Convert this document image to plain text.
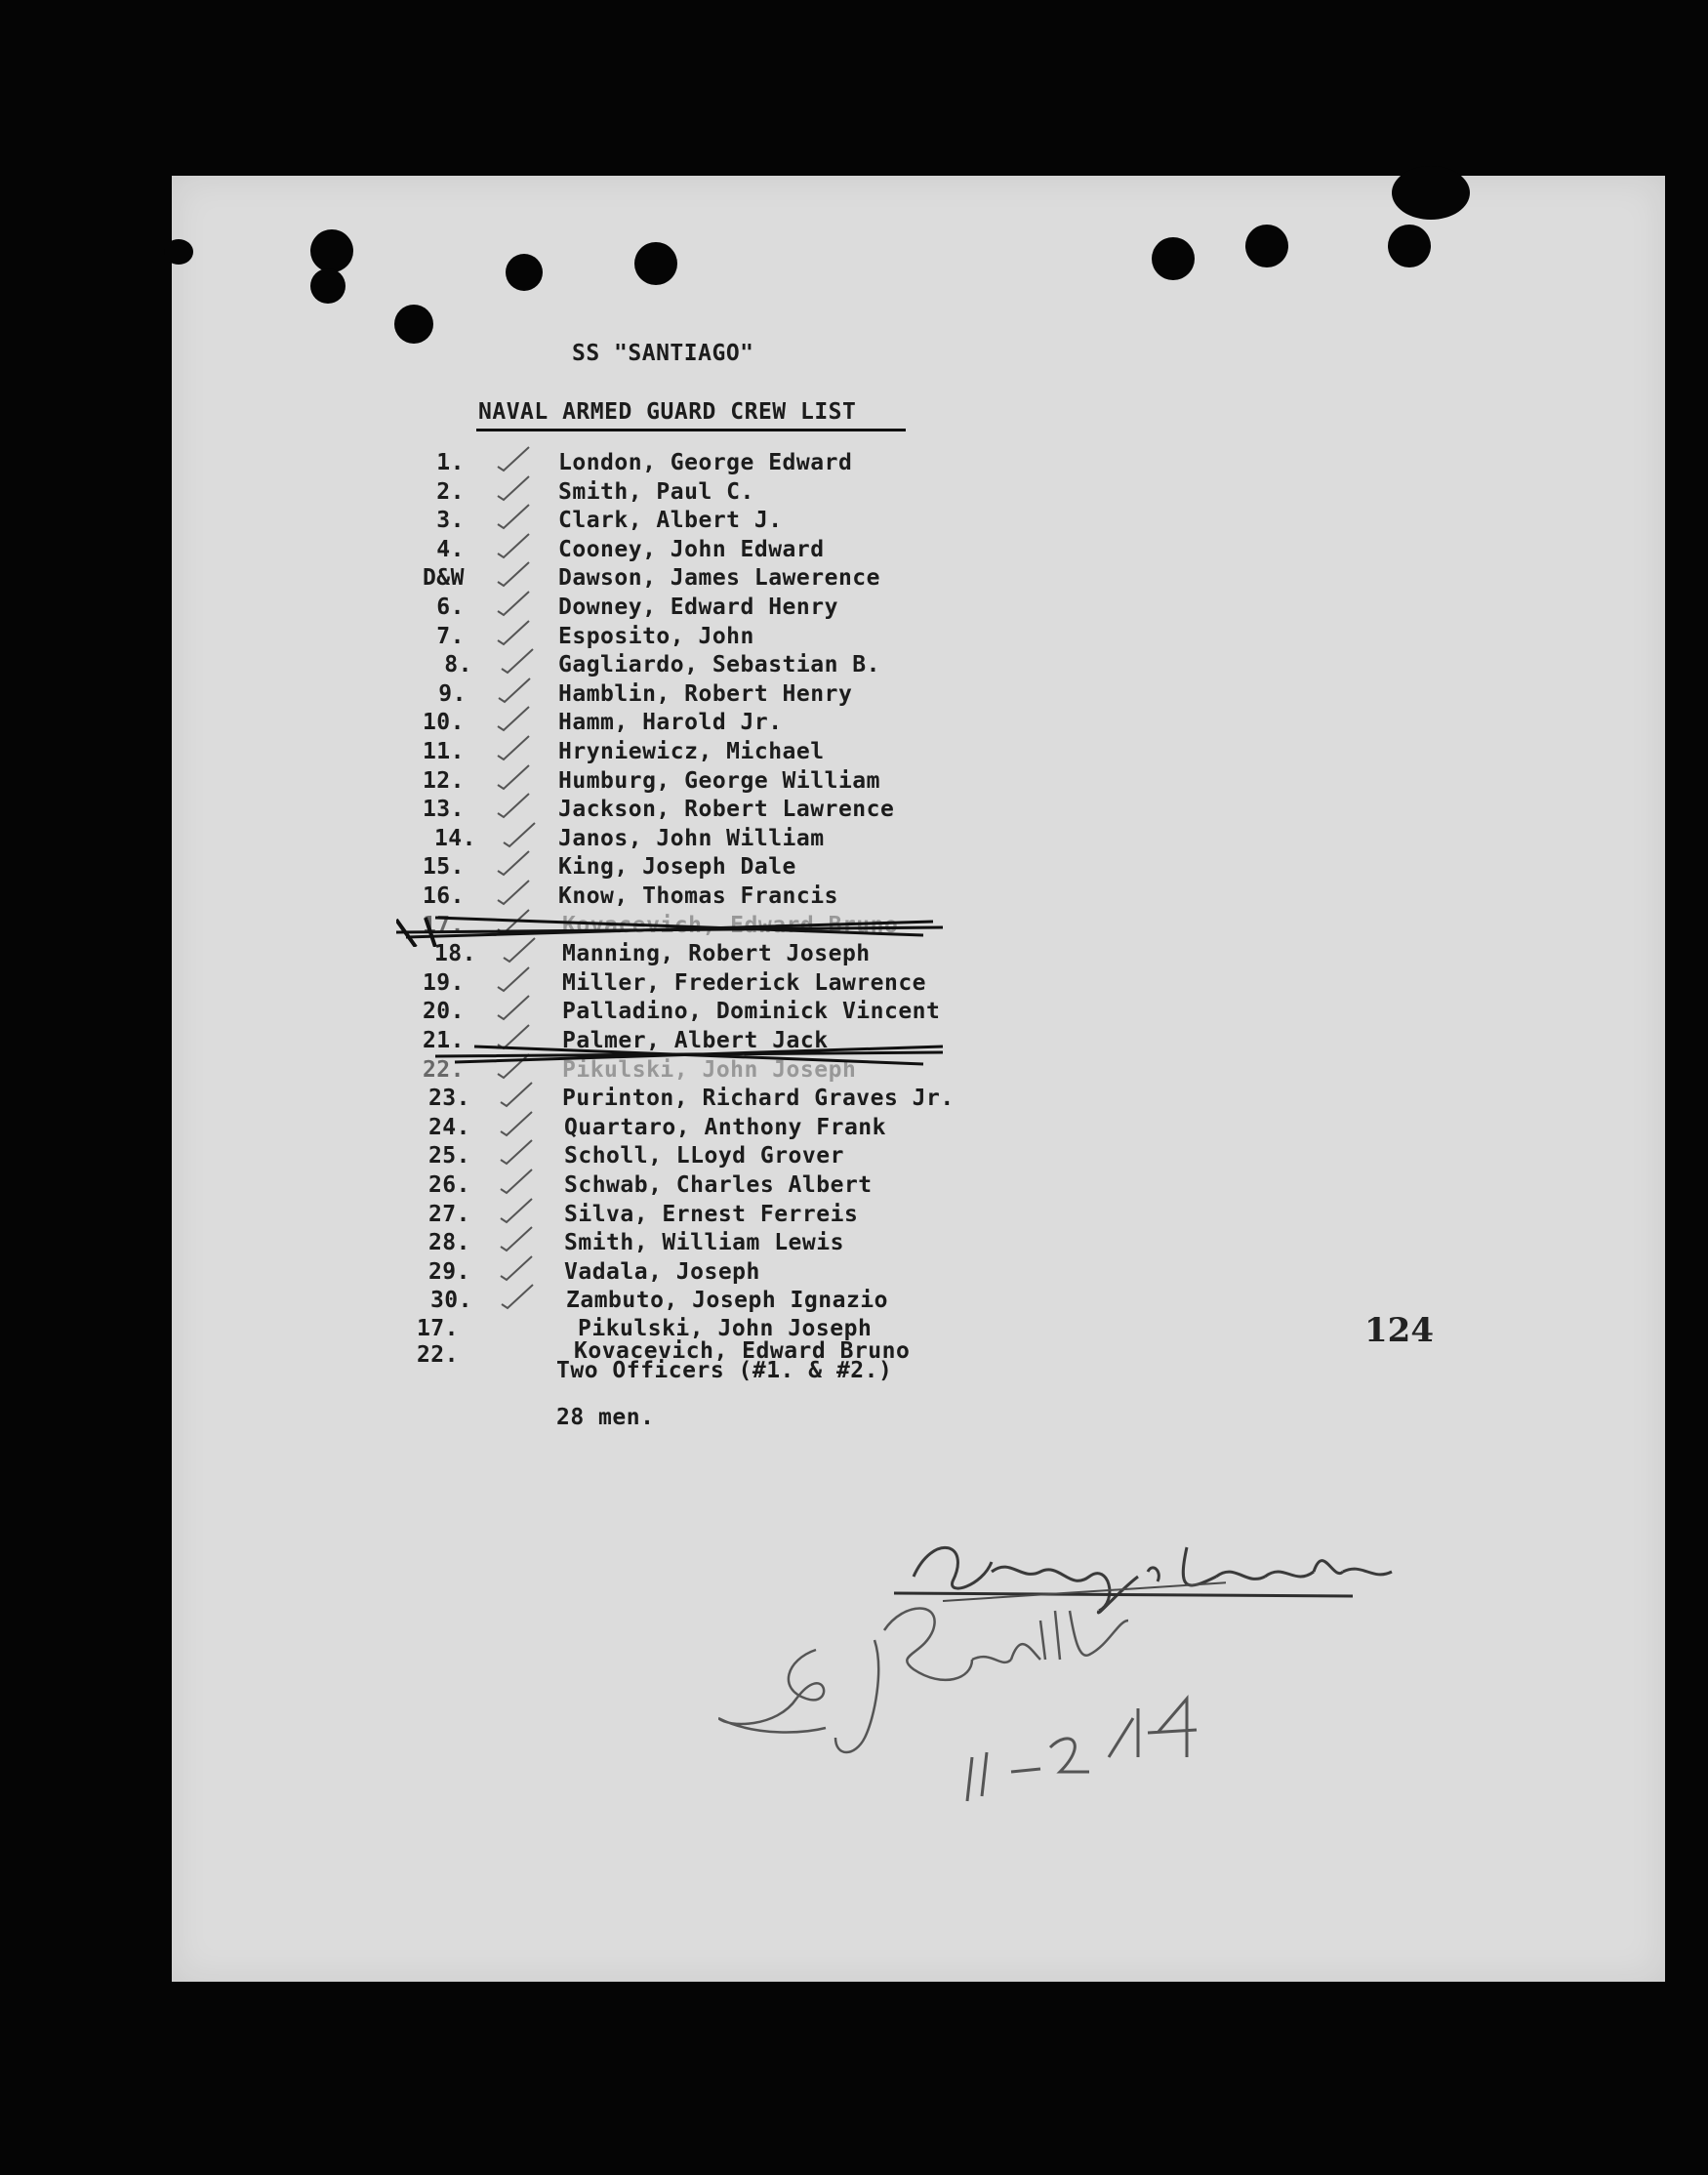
SS "SANTIAGO"
NAVAL ARMED GUARD CREW LIST
1.	London, George Edward
2.	Smith, Paul C.
3.	Clark, Albert J.
4.	Cooney, John Edward
D&W	Dawson, James Lawerence
6.	Downey, Edward Henry
7.	Esposito, John
8.	Gagliardo, Sebastian B.
9.	Hamblin, Robert Henry
10.	Hamm, Harold Jr.
11.	Hryniewicz, Michael
12.	Humburg, George William
13.	Jackson, Robert Lawrence
14.	Janos, John William
15.	King, Joseph Dale
16.	Know, Thomas Francis
17.	Kovacevich, Edward Bruno
18.	Manning, Robert Joseph
19.	Miller, Frederick Lawrence
20.	Palladino, Dominick Vincent
21.	Palmer, Albert Jack
22.	Pikulski, John Joseph
23.	Purinton, Richard Graves Jr.
24.	Quartaro, Anthony Frank
25.	Scholl, LLoyd Grover
26.	Schwab, Charles Albert
27.	Silva, Ernest Ferreis
28.	Smith, William Lewis
29.	Vadala, Joseph
30.	Zambuto, Joseph Ignazio
17.	Pikulski, John Joseph
22.	Kovacevich, Edward Bruno
Two Officers (#1. & #2.)
28 men.
124
